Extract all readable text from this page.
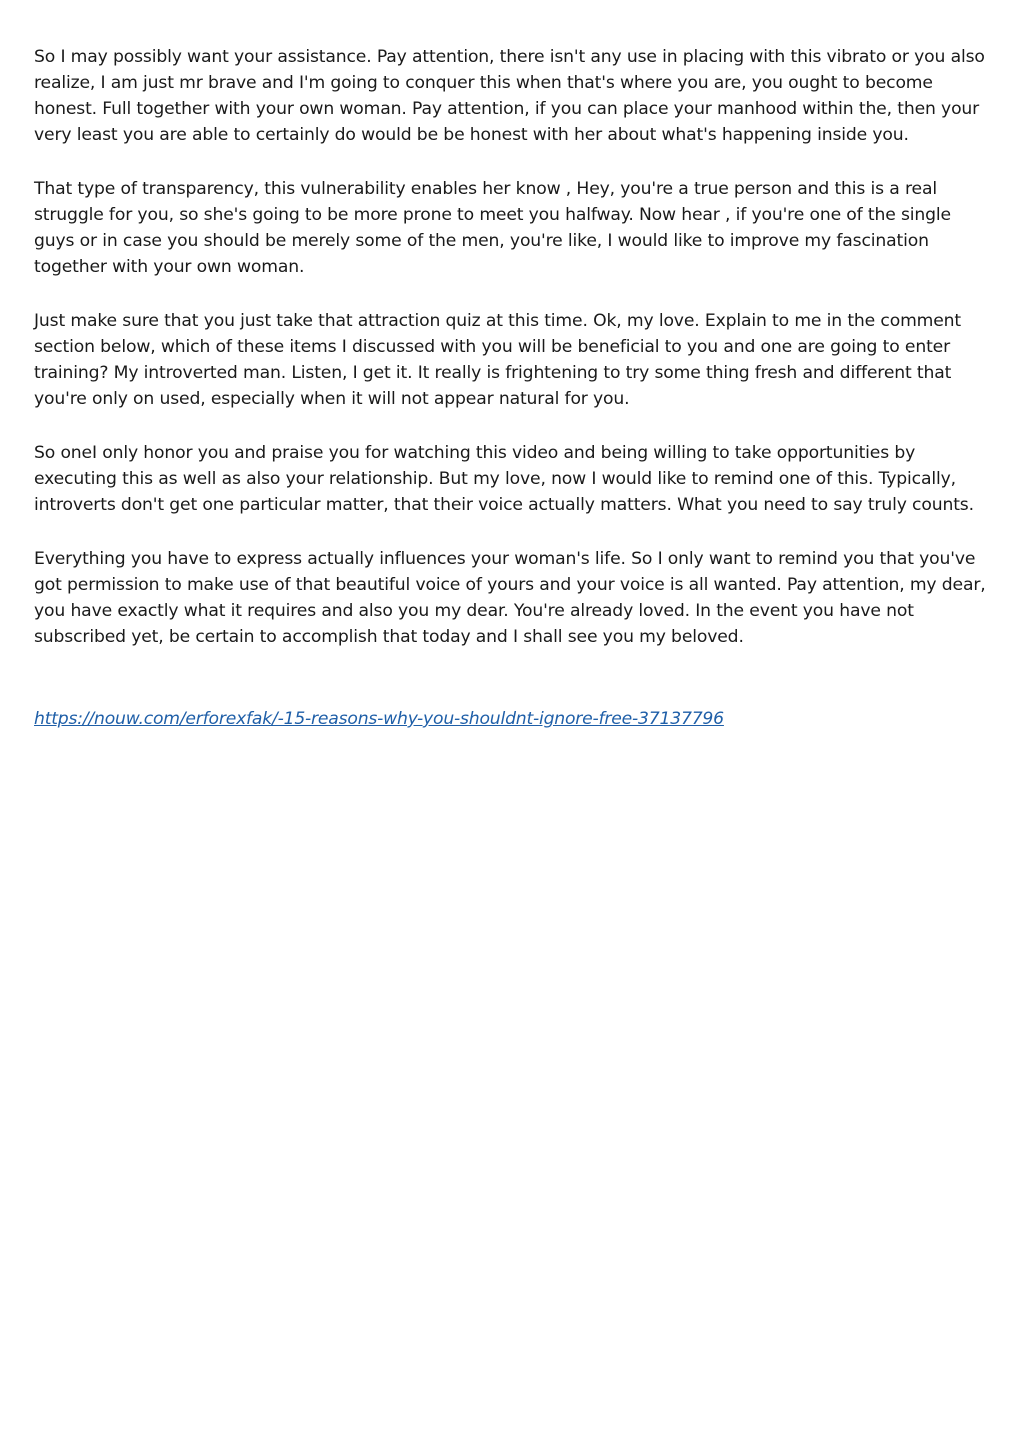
So I may possibly want your assistance. Pay attention, there isn't any use in placing with this vibrato or you also realize, I am just mr brave and I'm going to conquer this when that's where you are, you ought to become honest. Full together with your own woman. Pay attention, if you can place your manhood within the, then your very least you are able to certainly do would be be honest with her about what's happening inside you.

That type of transparency, this vulnerability enables her know , Hey, you're a true person and this is a real struggle for you, so she's going to be more prone to meet you halfway. Now hear , if you're one of the single guys or in case you should be merely some of the men, you're like, I would like to improve my fascination together with your own woman.

Just make sure that you just take that attraction quiz at this time. Ok, my love. Explain to me in the comment section below, which of these items I discussed with you will be beneficial to you and one are going to enter training? My introverted man. Listen, I get it. It really is frightening to try some thing fresh and different that you're only on used, especially when it will not appear natural for you.

So oneI only honor you and praise you for watching this video and being willing to take opportunities by executing this as well as also your relationship. But my love, now I would like to remind one of this. Typically, introverts don't get one particular matter, that their voice actually matters. What you need to say truly counts.

Everything you have to express actually influences your woman's life. So I only want to remind you that you've got permission to make use of that beautiful voice of yours and your voice is all wanted. Pay attention, my dear, you have exactly what it requires and also you my dear. You're already loved. In the event you have not subscribed yet, be certain to accomplish that today and I shall see you my beloved.

https://nouw.com/erforexfak/-15-reasons-why-you-shouldnt-ignore-free-37137796
